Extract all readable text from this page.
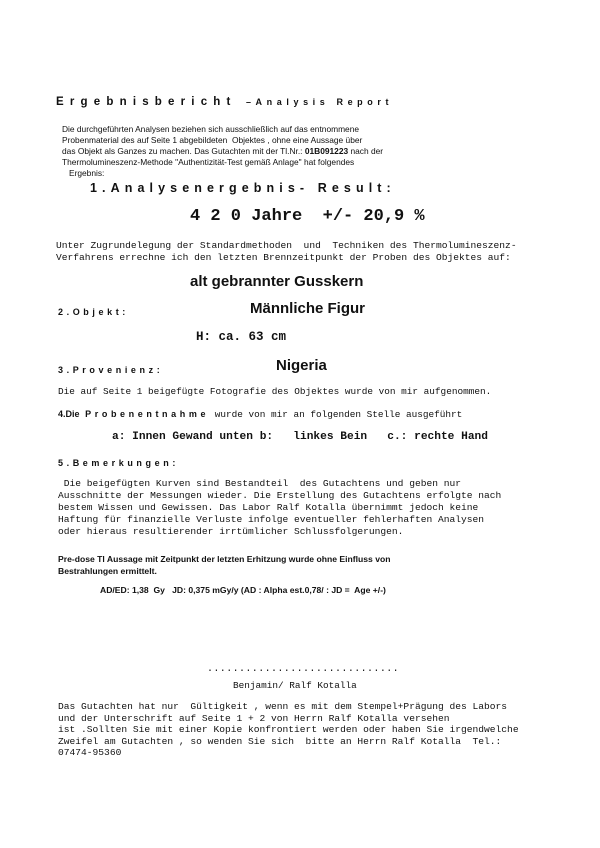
Ergebnisbericht –Analysis Report
Die durchgeführten Analysen beziehen sich ausschließlich auf das entnommene
Probenmaterial des auf Seite 1 abgebildeten  Objektes , ohne eine Aussage über
das Objekt als Ganzes zu machen. Das Gutachten mit der Tl.Nr.: 01B091223 nach der
Thermolumineszenz-Methode "Authentizität-Test gemäß Anlage" hat folgendes
Ergebnis:
1.Analysenergebnis- Result:
4 2 0 Jahre  +/- 20,9 %
Unter Zugrundelegung der Standardmethoden  und  Techniken des Thermolumineszenz-
Verfahrens errechne ich den letzten Brennzeitpunkt der Proben des Objektes auf:
alt gebrannter Gusskern
2.Objekt:	Männliche Figur
H: ca. 63 cm
3.Provenienz:	Nigeria
Die auf Seite 1 beigefügte Fotografie des Objektes wurde von mir aufgenommen.
4.Die Probenentnahme wurde von mir an folgenden Stelle ausgeführt
a: Innen Gewand unten b:   linkes Bein   c.: rechte Hand
5.Bemerkungen:
Die beigefügten Kurven sind Bestandteil  des Gutachtens und geben nur
Ausschnitte der Messungen wieder. Die Erstellung des Gutachtens erfolgte nach
bestem Wissen und Gewissen. Das Labor Ralf Kotalla übernimmt jedoch keine
Haftung für finanzielle Verluste infolge eventueller fehlerhaften Analysen
oder hieraus resultierender irrtümlicher Schlussfolgerungen.
Pre-dose Tl Aussage mit Zeitpunkt der letzten Erhitzung wurde ohne Einfluss von
Bestrahlungen ermittelt.
AD/ED: 1,38  Gy   JD: 0,375 mGy/y (AD : Alpha est.0,78/ : JD =  Age +/-)
..............................
Benjamin/ Ralf Kotalla
Das Gutachten hat nur  Gültigkeit , wenn es mit dem Stempel+Prägung des Labors
und der Unterschrift auf Seite 1 + 2 von Herrn Ralf Kotalla versehen
ist .Sollten Sie mit einer Kopie konfrontiert werden oder haben Sie irgendwelche
Zweifel am Gutachten , so wenden Sie sich  bitte an Herrn Ralf Kotalla  Tel.:
07474-95360
